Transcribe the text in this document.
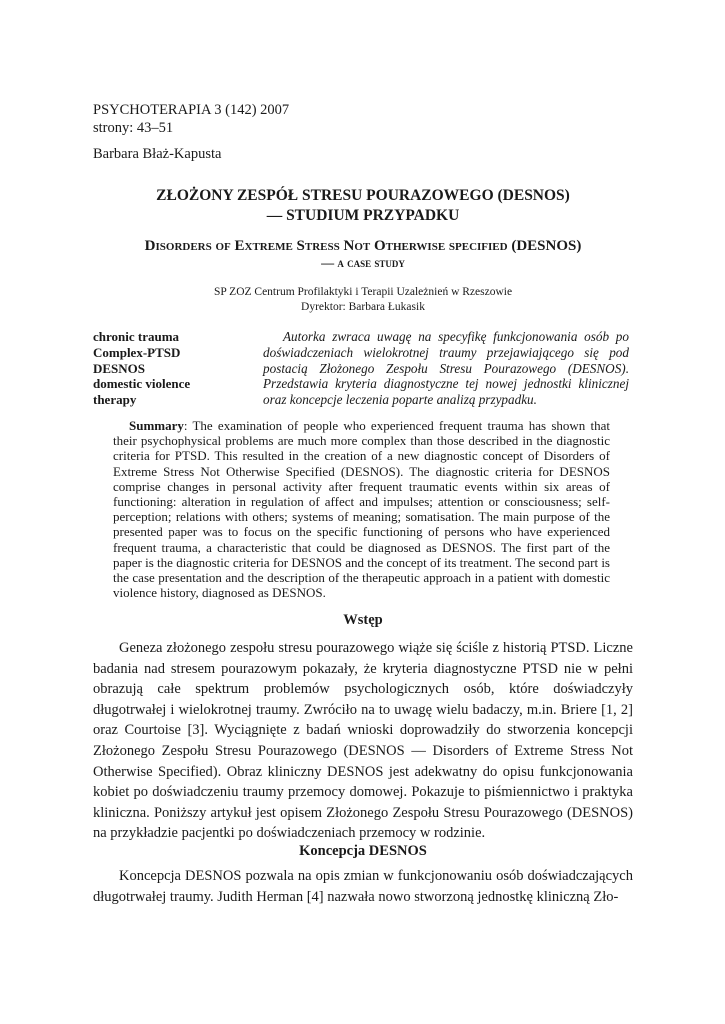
PSYCHOTERAPIA 3 (142) 2007
strony: 43–51
Barbara Błaż-Kapusta
ZŁOŻONY ZESPÓŁ STRESU POURAZOWEGO (DESNOS)
— STUDIUM PRZYPADKU
Disorders of Extreme Stress Not Otherwise specified (DESNOS)
— a case study
SP ZOZ Centrum Profilaktyki i Terapii Uzależnień w Rzeszowie
Dyrektor: Barbara Łukasik
chronic trauma
Complex-PTSD
DESNOS
domestic violence
therapy
Autorka zwraca uwagę na specyfikę funkcjonowania osób po doświadczeniach wielokrotnej traumy przejawiającego się pod postacią Złożonego Zespołu Stresu Pourazowego (DESNOS). Przedstawia kryteria diagnostyczne tej nowej jednostki klinicznej oraz koncepcje leczenia poparte analizą przypadku.
Summary: The examination of people who experienced frequent trauma has shown that their psychophysical problems are much more complex than those described in the diagnostic criteria for PTSD. This resulted in the creation of a new diagnostic concept of Disorders of Extreme Stress Not Otherwise Specified (DESNOS). The diagnostic criteria for DESNOS comprise changes in personal activity after frequent traumatic events within six areas of functioning: alteration in regulation of affect and impulses; attention or consciousness; self-perception; relations with others; systems of meaning; somatisation. The main purpose of the presented paper was to focus on the specific functioning of persons who have experienced frequent trauma, a characteristic that could be diagnosed as DESNOS. The first part of the paper is the diagnostic criteria for DESNOS and the concept of its treatment. The second part is the case presentation and the description of the therapeutic approach in a patient with domestic violence history, diagnosed as DESNOS.
Wstęp
Geneza złożonego zespołu stresu pourazowego wiąże się ściśle z historią PTSD. Liczne badania nad stresem pourazowym pokazały, że kryteria diagnostyczne PTSD nie w pełni obrazują całe spektrum problemów psychologicznych osób, które doświadczyły długotrwałej i wielokrotnej traumy. Zwróciło na to uwagę wielu badaczy, m.in. Briere [1, 2] oraz Courtoise [3]. Wyciągnięte z badań wnioski doprowadziły do stworzenia koncepcji Złożonego Zespołu Stresu Pourazowego (DESNOS — Disorders of Extreme Stress Not Otherwise Specified). Obraz kliniczny DESNOS jest adekwatny do opisu funkcjonowania kobiet po doświadczeniu traumy przemocy domowej. Pokazuje to piśmiennictwo i praktyka kliniczna. Poniższy artykuł jest opisem Złożonego Zespołu Stresu Pourazowego (DESNOS) na przykładzie pacjentki po doświadczeniach przemocy w rodzinie.
Koncepcja DESNOS
Koncepcja DESNOS pozwala na opis zmian w funkcjonowaniu osób doświadczających długotrwałej traumy. Judith Herman [4] nazwała nowo stworzoną jednostkę kliniczną Zło-
